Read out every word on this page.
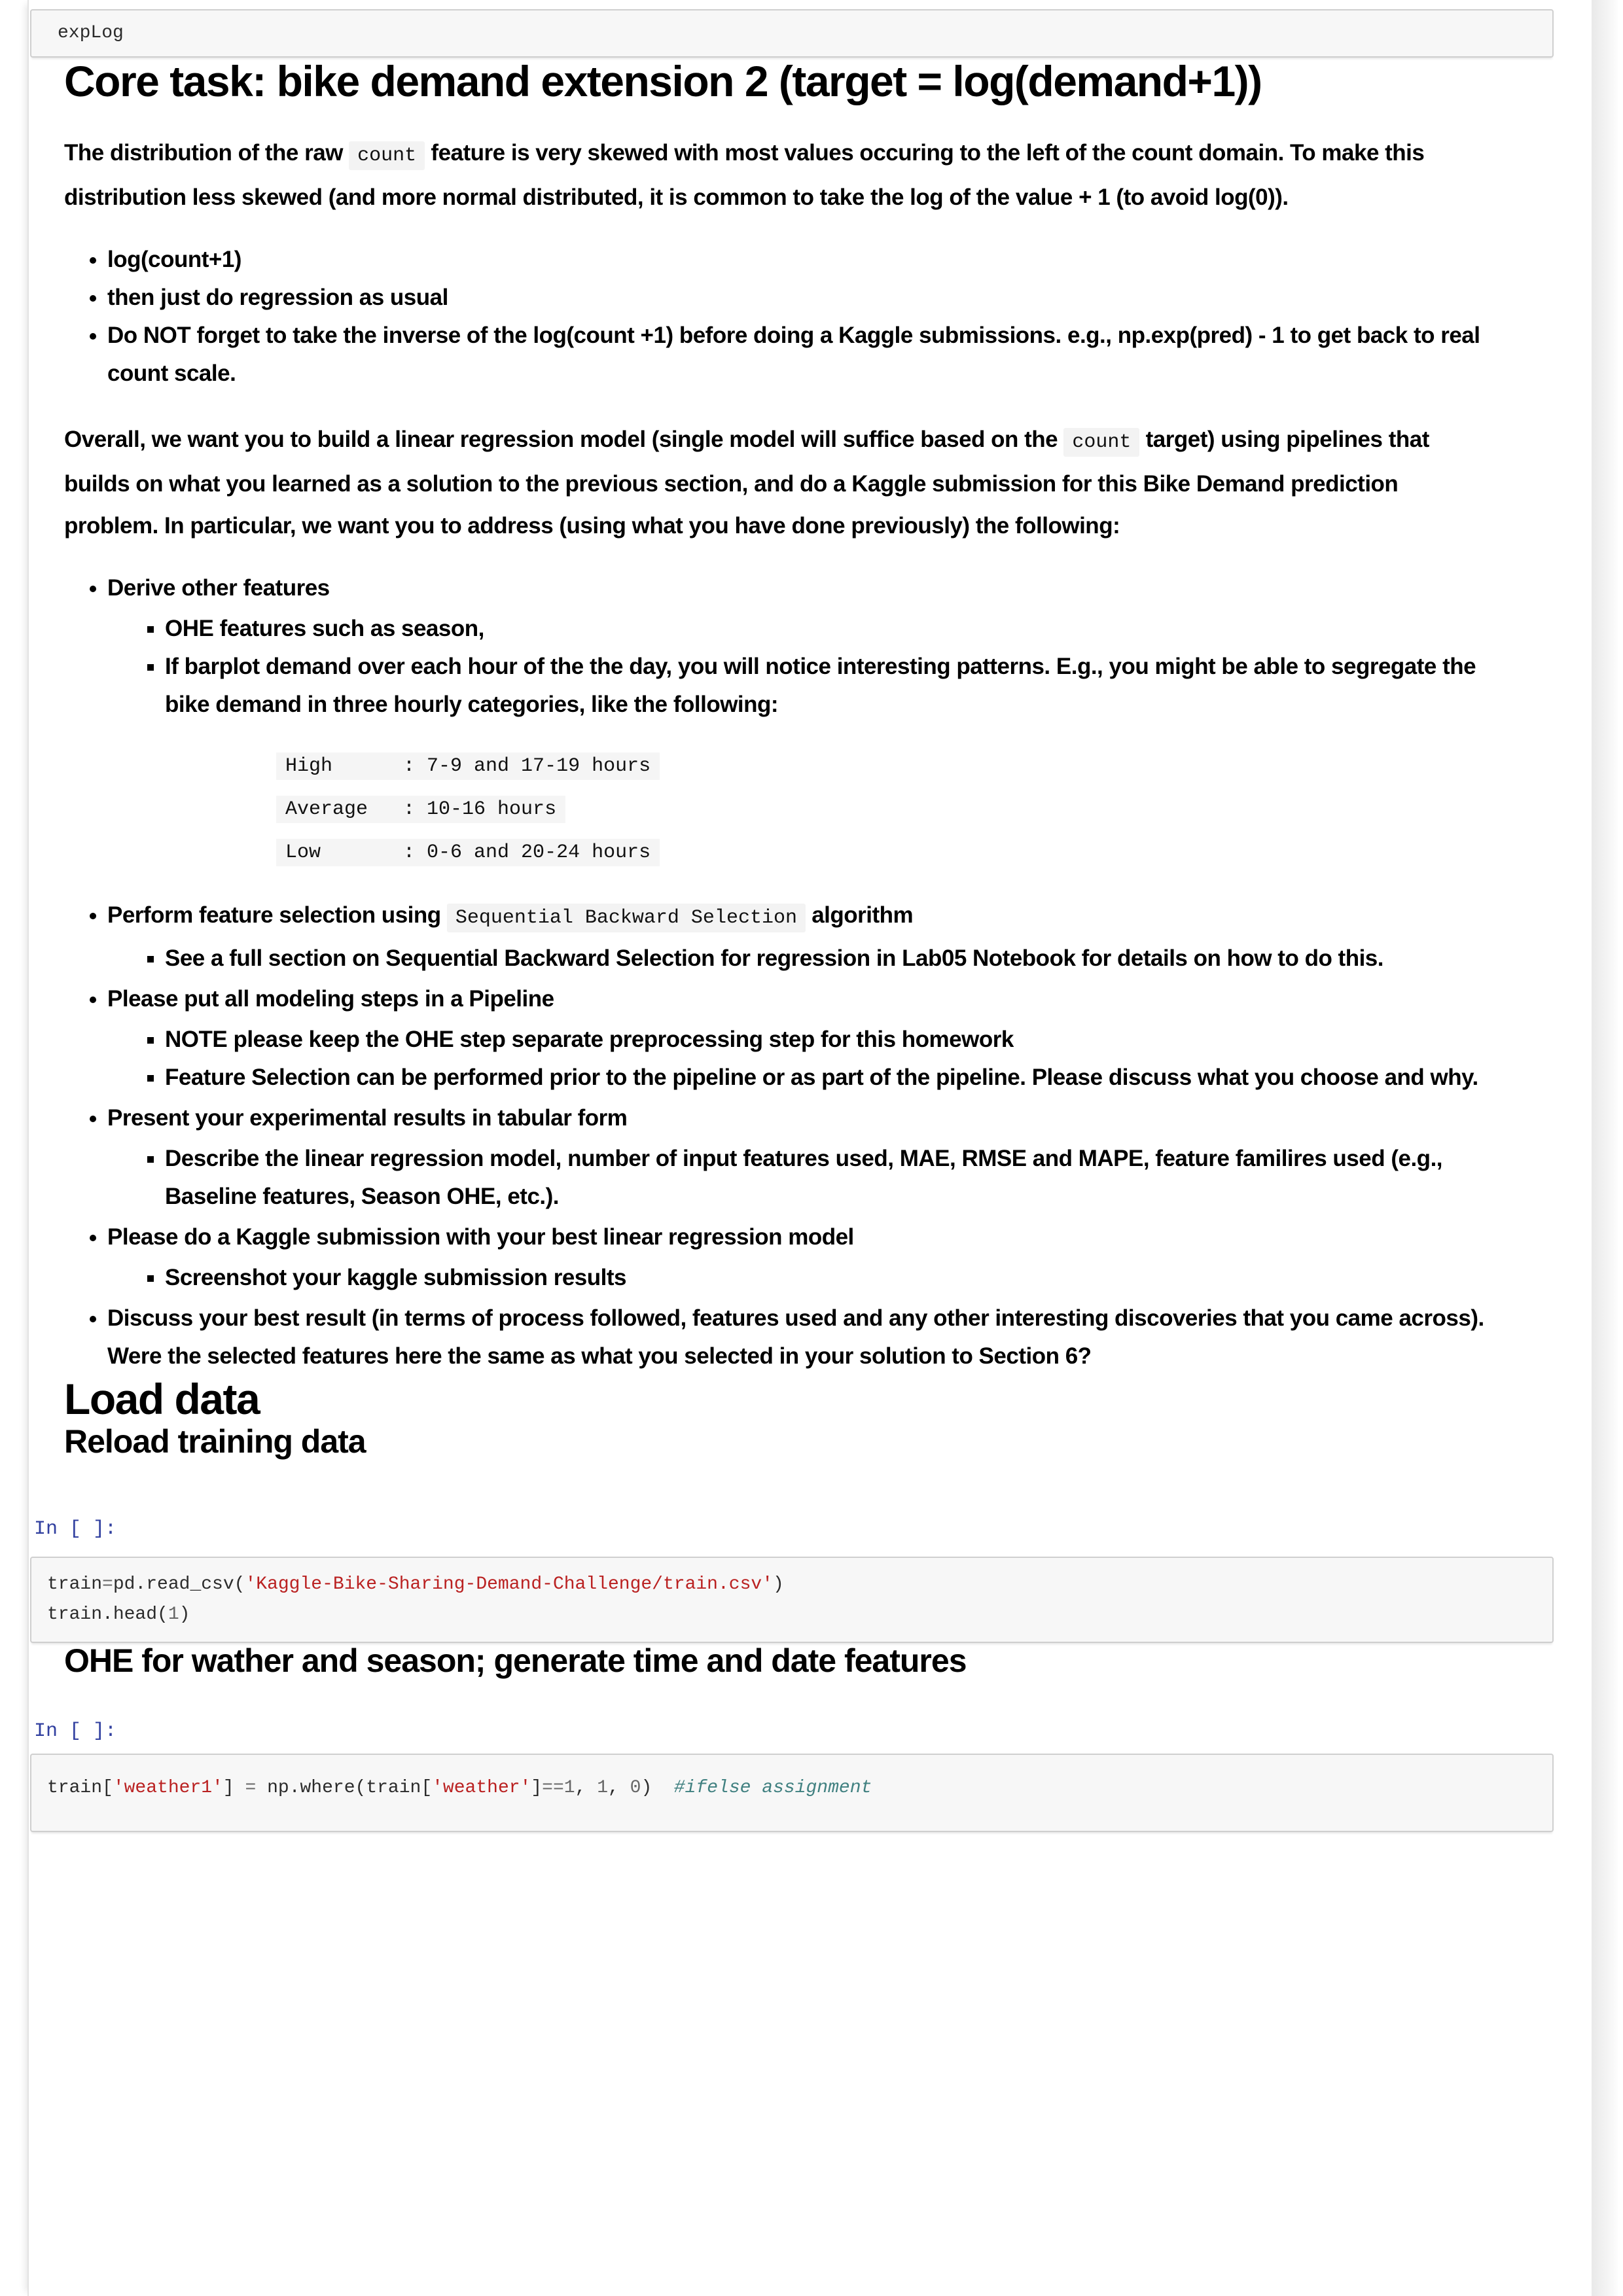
expLog
Core task: bike demand extension 2 (target = log(demand+1))

The distribution of the raw count feature is very skewed with most values occuring to the left of the count domain. To make this distribution less skewed (and more normal distributed, it is common to take the log of the value + 1 (to avoid log(0)).

• log(count+1)
• then just do regression as usual
• Do NOT forget to take the inverse of the log(count +1) before doing a Kaggle submissions. e.g., np.exp(pred) - 1 to get back to real count scale.

Overall, we want you to build a linear regression model (single model will suffice based on the count target) using pipelines that builds on what you learned as a solution to the previous section, and do a Kaggle submission for this Bike Demand prediction problem. In particular, we want you to address (using what you have done previously) the following:

• Derive other features
▪ OHE features such as season,
▪ If barplot demand over each hour of the the day, you will notice interesting patterns. E.g., you might be able to segregate the bike demand in three hourly categories, like the following:
High      : 7-9 and 17-19 hours
Average   : 10-16 hours
Low       : 0-6 and 20-24 hours
• Perform feature selection using Sequential Backward Selection algorithm
▪ See a full section on Sequential Backward Selection for regression in Lab05 Notebook for details on how to do this.
• Please put all modeling steps in a Pipeline
▪ NOTE please keep the OHE step separate preprocessing step for this homework
▪ Feature Selection can be performed prior to the pipeline or as part of the pipeline. Please discuss what you choose and why.
• Present your experimental results in tabular form
▪ Describe the linear regression model, number of input features used, MAE, RMSE and MAPE, feature familires used (e.g., Baseline features, Season OHE, etc.).
• Please do a Kaggle submission with your best linear regression model
▪ Screenshot your kaggle submission results
• Discuss your best result (in terms of process followed, features used and any other interesting discoveries that you came across). Were the selected features here the same as what you selected in your solution to Section 6?
Load data
Reload training data
In [ ]:
train=pd.read_csv('Kaggle-Bike-Sharing-Demand-Challenge/train.csv')
train.head(1)
OHE for wather and season; generate time and date features
In [ ]:
train['weather1'] = np.where(train['weather']==1, 1, 0)  #ifelse assignment
